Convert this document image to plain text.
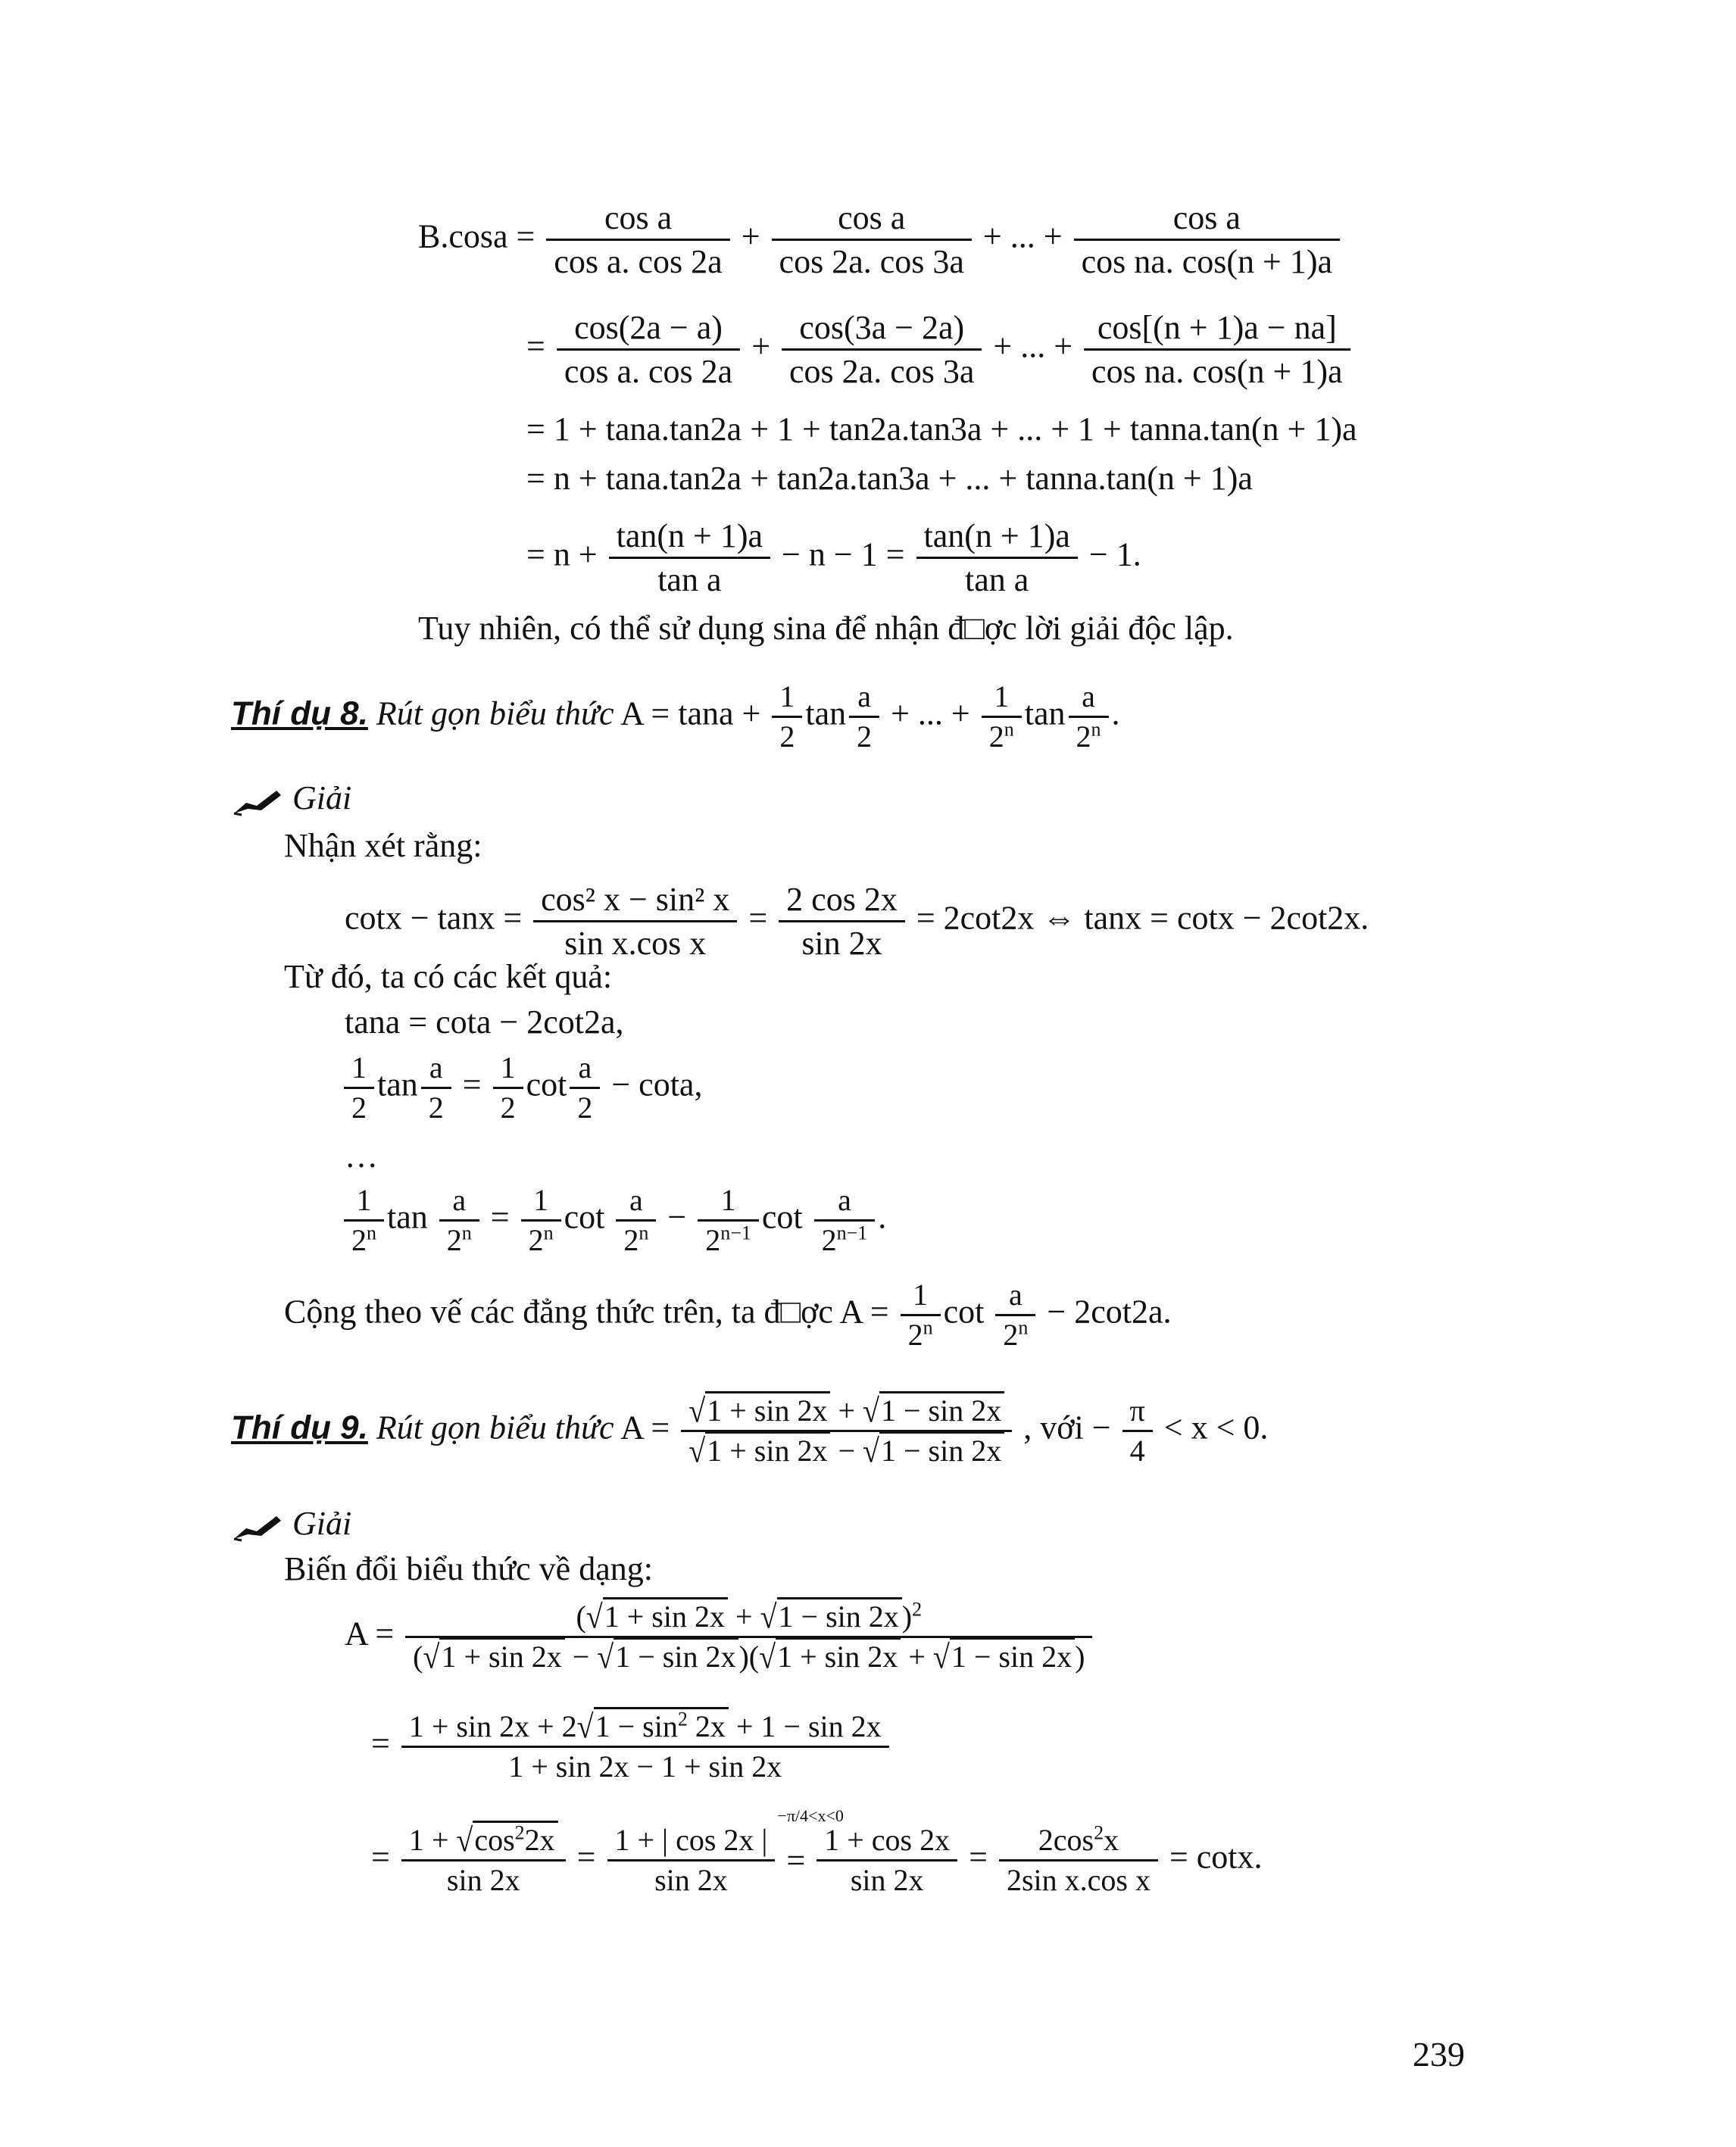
$B.\cos a = \frac{\text{cos a}}{\text{cos a. cos 2a}} + \frac{\text{cos a}}{\cos 2a. \cos 3a}$ + ... + $\frac{\text{cos a}}{\text{cos na. cos(n + 1)a}}$
= $\frac{\cos(2a - a)}{\text{cos a. cos 2a}} + \frac{\cos(3a - 2a)}{\cos 2a. \cos 3a}$ + ... + $\frac{\cos[(n + 1)a - na]}{\text{cos na. cos(n + 1)a}}$
= 1 + tana.tan2a + 1 + tan2a.tan3a + ... + 1 + tanna.tan(n + 1)a
= n + tana.tan2a + tan2a.tan3a + ... + tanna.tan(n + 1)a
= $n + \frac{\tan(n + 1)a}{\text{tan a}} - n - 1 = \frac{\tan(n + 1)a}{\text{tan a}} - 1$.
Tuy nhiên, có thể sử dụng sina để nhận đ□ợc lời giải độc lập.
Thí dụ 8. Rút gọn biểu thức $A = \tan a + \frac{1}{2}$ $\tan \frac{a}{2}$ + ... + $\frac{1}{2^n}$ $\tan \frac{a}{2^n}$ .
Giải
Nhận xét rằng:
$\cot x - \tan x = \frac{\text{cos² x − sin² x}}{\text{sin x.cos x}} = \frac{2 \cos 2x}{\sin 2x} = 2\cot 2x$ ⇔ tanx = cotx − 2cot2x.
Từ đó, ta có các kết quả:
tana = cota − 2cot2a,
$\frac{1}{2}$ $\tan \frac{a}{2} = \frac{1}{2}$ $\cot \frac{a}{2} - \cot a$,
…
$\frac{1}{2^n}$ $\tan \frac{a}{2^n} = \frac{1}{2^n}$ $\cot \frac{a}{2^n} - \frac{1}{2^{n-1}}$ $\cot \frac{a}{2^{n-1}}$ .
Cộng theo vế các đẳng thức trên, ta đ□ợc $A = \frac{1}{2^n}$ $\cot \frac{a}{2^n} - 2\cot 2a$.
Thí dụ 9. Rút gọn biểu thức $A = \frac{√1 + \sin 2x + √1 - \sin 2x}{√1 + \sin 2x - √1 - \sin 2x}$ , với − $\frac{\pi}{4} < x < 0$.
Giải
Biến đổi biểu thức về dạng:
$A = \frac{(√1 + \sin 2x + √1 - \sin 2x )^2}{(√1 + \sin 2x - √1 - \sin 2x )(√1 + \sin 2x + √1 - \sin 2x )}$
= $\frac{1 + \sin 2x + 2√1 - \sin^2 2x + 1 - \sin 2x}{1 + \sin 2x - 1 + \sin 2x}$
= $\frac{1 + √\cos^22x}{\sin 2x} = \frac{1 + | \cos 2x |}{\sin 2x}$

−π/4<x<0
= $\frac{1 + \cos 2x}{\sin 2x} = \frac{2\cos^2x}{\text{2sin x.cos x}} = \cot x$.
239
